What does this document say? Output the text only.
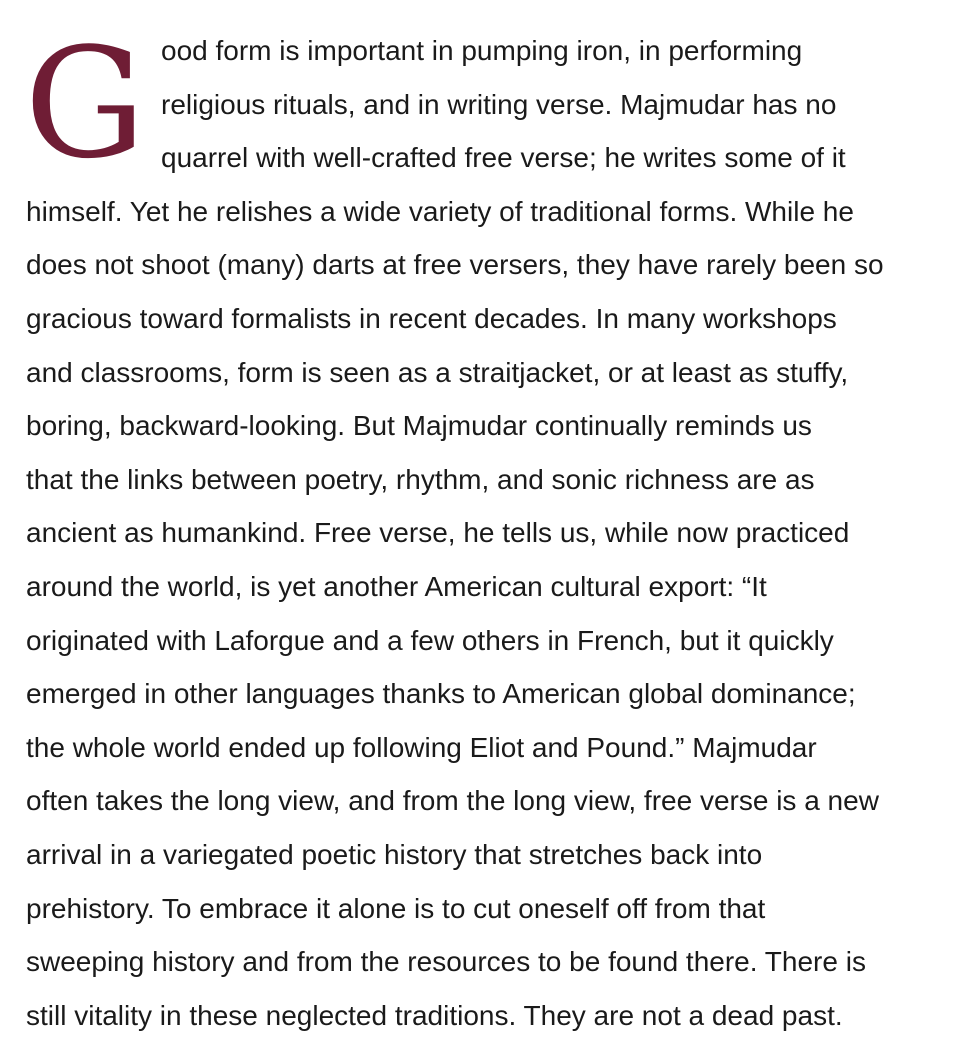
G ood form is important in pumping iron, in performing
religious rituals, and in writing verse. Majmudar has no
quarrel with well-crafted free verse; he writes some of it
himself. Yet he relishes a wide variety of traditional forms. While he
does not shoot (many) darts at free versers, they have rarely been so
gracious toward formalists in recent decades. In many workshops
and classrooms, form is seen as a straitjacket, or at least as stuffy,
boring, backward-looking. But Majmudar continually reminds us
that the links between poetry, rhythm, and sonic richness are as
ancient as humankind. Free verse, he tells us, while now practiced
around the world, is yet another American cultural export: “It
originated with Laforgue and a few others in French, but it quickly
emerged in other languages thanks to American global dominance;
the whole world ended up following Eliot and Pound.” Majmudar
often takes the long view, and from the long view, free verse is a new
arrival in a variegated poetic history that stretches back into
prehistory. To embrace it alone is to cut oneself off from that
sweeping history and from the resources to be found there. There is
still vitality in these neglected traditions. They are not a dead past.
